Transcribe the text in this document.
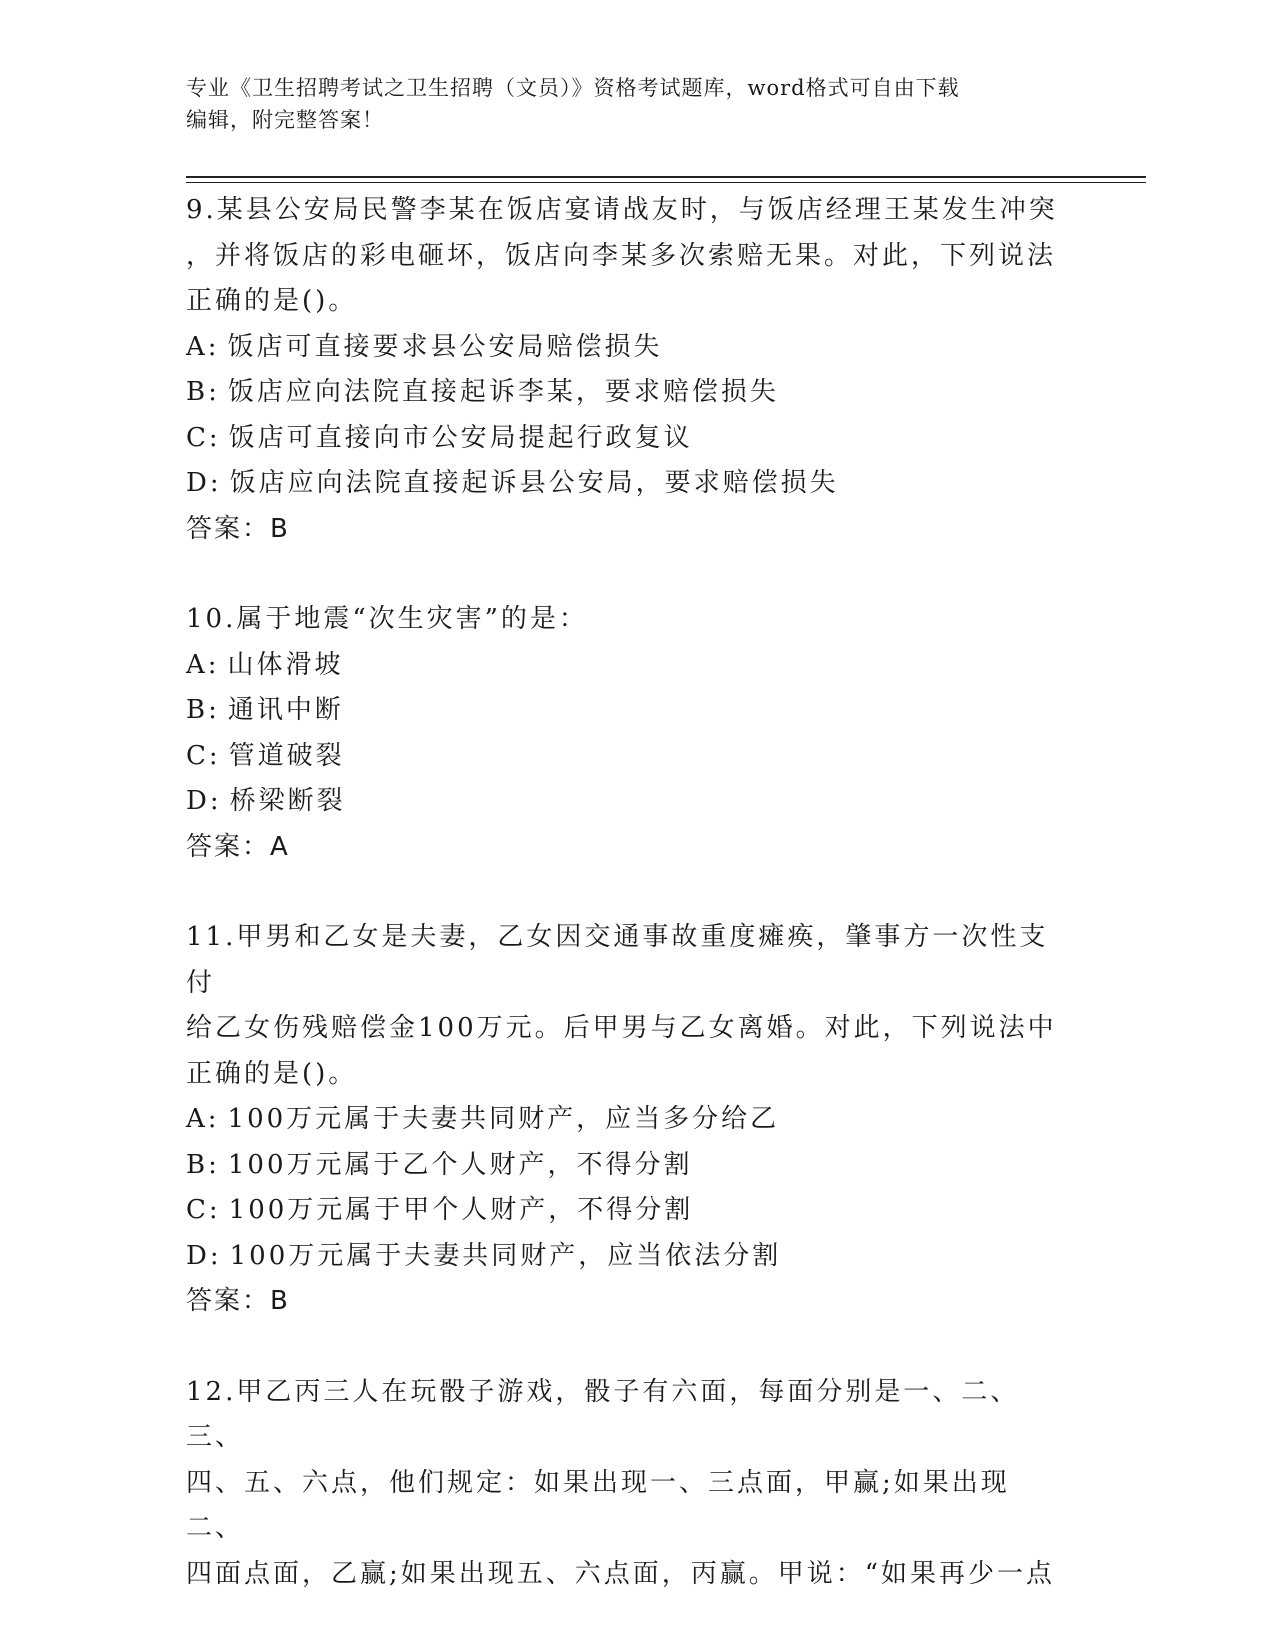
专业《卫生招聘考试之卫生招聘（文员）》资格考试题库，word格式可自由下载
编辑，附完整答案！
9.某县公安局民警李某在饭店宴请战友时，与饭店经理王某发生冲突
，并将饭店的彩电砸坏，饭店向李某多次索赔无果。对此，下列说法
正确的是()。
A: 饭店可直接要求县公安局赔偿损失
B: 饭店应向法院直接起诉李某，要求赔偿损失
C: 饭店可直接向市公安局提起行政复议
D: 饭店应向法院直接起诉县公安局，要求赔偿损失
答案：B
10.属于地震“次生灾害”的是：
A: 山体滑坡
B: 通讯中断
C: 管道破裂
D: 桥梁断裂
答案：A
11.甲男和乙女是夫妻，乙女因交通事故重度瘫痪，肇事方一次性支付
给乙女伤残赔偿金100万元。后甲男与乙女离婚。对此，下列说法中
正确的是()。
A: 100万元属于夫妻共同财产，应当多分给乙
B: 100万元属于乙个人财产，不得分割
C: 100万元属于甲个人财产，不得分割
D: 100万元属于夫妻共同财产，应当依法分割
答案：B
12.甲乙丙三人在玩骰子游戏，骰子有六面，每面分别是一、二、三、
四、五、六点，他们规定：如果出现一、三点面，甲赢;如果出现二、
四面点面，乙赢;如果出现五、六点面，丙赢。甲说：“如果再少一点
